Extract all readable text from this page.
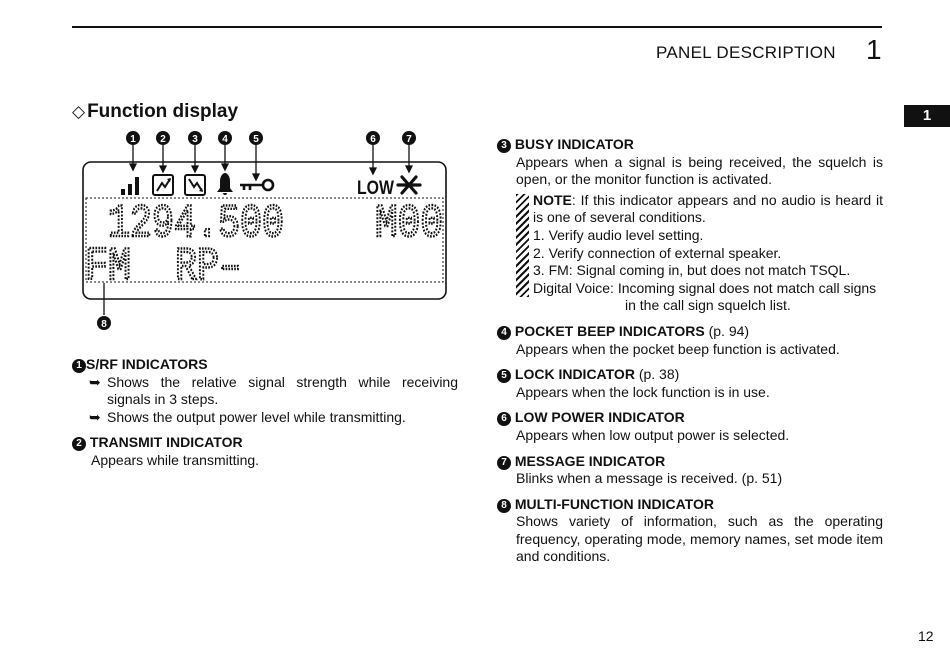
PANEL DESCRIPTION 1
1
◇ Function display
1 2	3 4	5	6	7
8
LOW
1294.500 M00
FM RP–
1 S/RF INDICATORS
➥ Shows the relative signal strength while receiving signals in 3 steps.
➥ Shows the output power level while transmitting.
2 TRANSMIT INDICATOR
Appears while transmitting.
3 BUSY INDICATOR
Appears when a signal is being received, the squelch is open, or the monitor function is activated.
NOTE: If this indicator appears and no audio is heard it is one of several conditions.
1. Verify audio level setting.
2. Verify connection of external speaker.
3. FM: Signal coming in, but does not match TSQL.
Digital Voice: Incoming signal does not match call signs
in the call sign squelch list.
4 POCKET BEEP INDICATORS (p. 94)
Appears when the pocket beep function is activated.
5 LOCK INDICATOR (p. 38)
Appears when the lock function is in use.
6 LOW POWER INDICATOR
Appears when low output power is selected.
7 MESSAGE INDICATOR
Blinks when a message is received. (p. 51)
8 MULTI-FUNCTION INDICATOR
Shows variety of information, such as the operating frequency, operating mode, memory names, set mode item and conditions.
12
